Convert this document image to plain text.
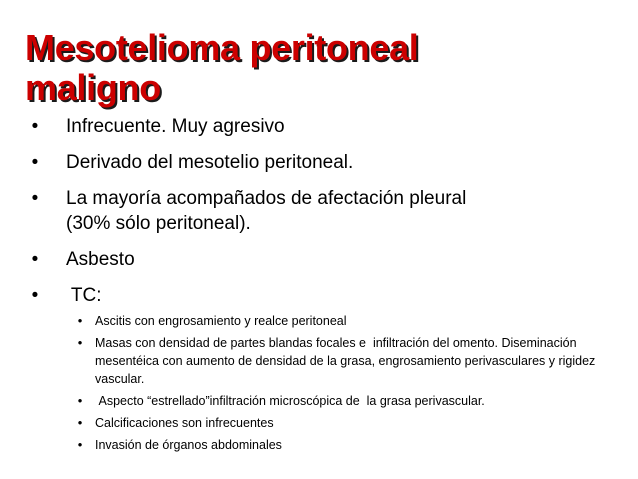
Mesotelioma peritoneal
maligno
• Infrecuente. Muy agresivo
• Derivado del mesotelio peritoneal.
• La mayoría acompañados de afectación pleural
(30% sólo peritoneal).
• Asbesto
• TC:
• Ascitis con engrosamiento y realce peritoneal
• Masas con densidad de partes blandas focales e  infiltración del omento. Diseminación mesentéica con aumento de densidad de la grasa, engrosamiento perivasculares y rigidez vascular.
• Aspecto “estrellado”infiltración microscópica de  la grasa perivascular.
• Calcificaciones son infrecuentes
• Invasión de órganos abdominales
